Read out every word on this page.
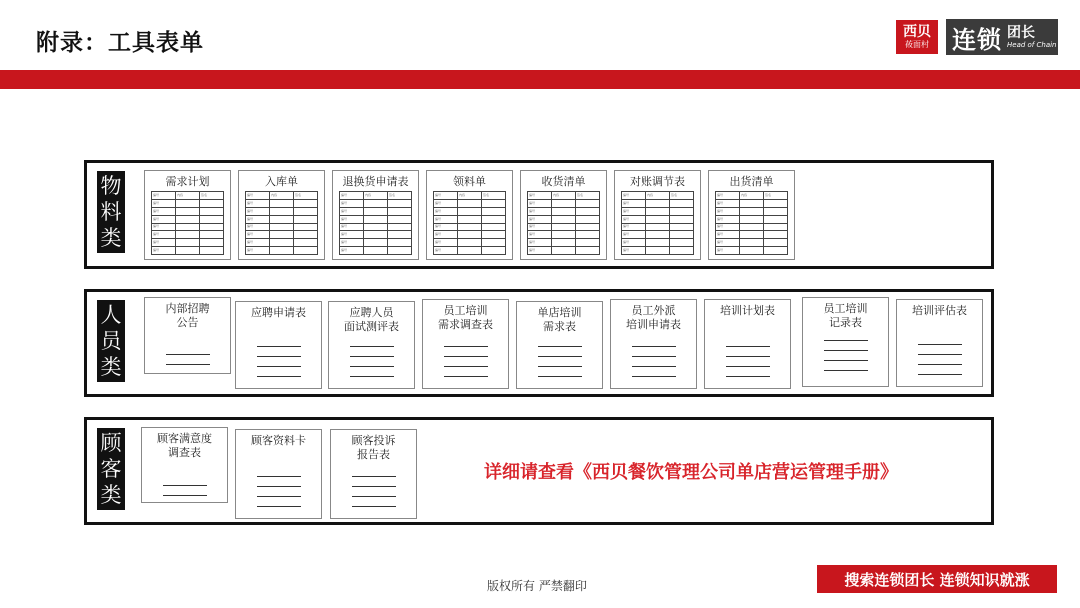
附录：工具表单	西贝
莜面村 连锁 团长
Head of Chain
物
料
类
需求计划
编号	内容	签名
编号		
编号		
编号		
编号		
编号		
编号		
编号		
入库单
编号	内容	签名
编号		
编号		
编号		
编号		
编号		
编号		
编号		
退换货申请表
编号	内容	签名
编号		
编号		
编号		
编号		
编号		
编号		
编号		
领料单
编号	内容	签名
编号		
编号		
编号		
编号		
编号		
编号		
编号		
收货清单
编号	内容	签名
编号		
编号		
编号		
编号		
编号		
编号		
编号		
对账调节表
编号	内容	签名
编号		
编号		
编号		
编号		
编号		
编号		
编号		
出货清单
编号	内容	签名
编号		
编号		
编号		
编号		
编号		
编号		
编号		
人
员
类
内部招聘
公告
应聘申请表	应聘人员
面试测评表
员工培训
需求调查表
单店培训
需求表
员工外派
培训申请表
培训计划表	员工培训
记录表
培训评估表
顾
客
类
顾客满意度
调查表
顾客资料卡	顾客投诉
报告表
详细请查看《西贝餐饮管理公司单店营运管理手册》
版权所有 严禁翻印	搜索连锁团长 连锁知识就涨
